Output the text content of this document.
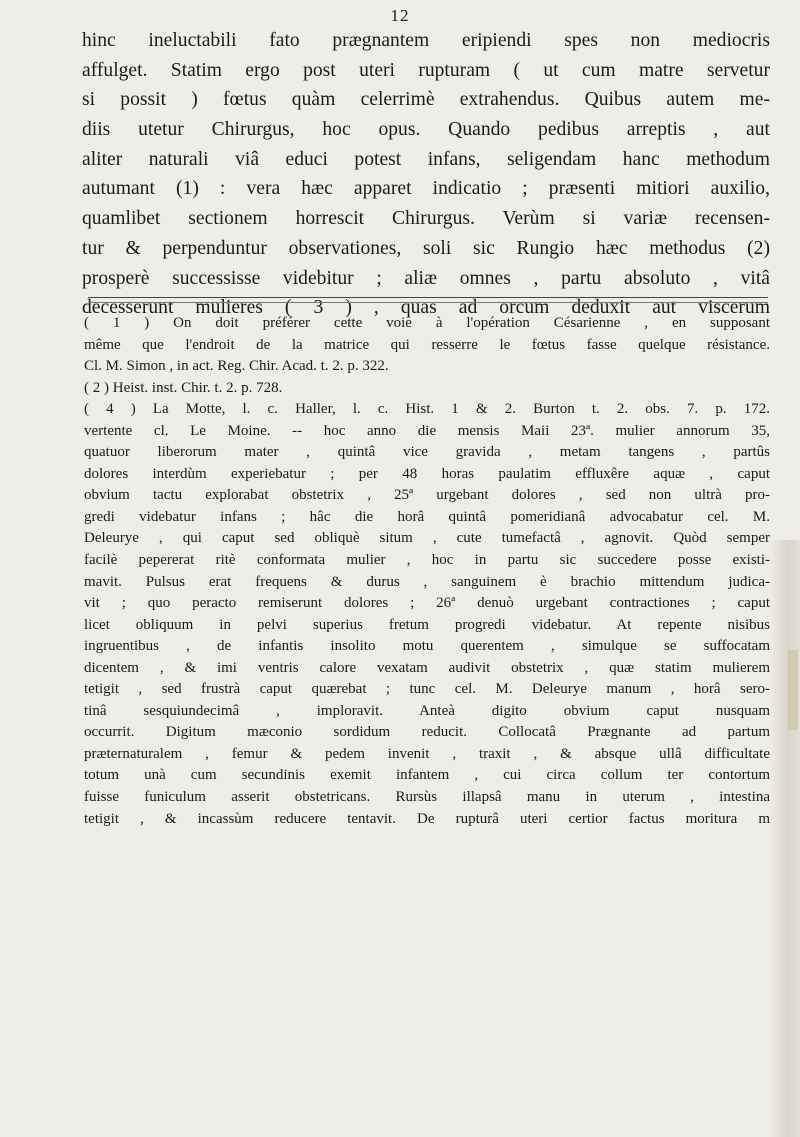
12
hinc ineluctabili fato prægnantem eripiendi spes non mediocris
affulget. Statim ergo post uteri rupturam ( ut cum matre servetur
si possit ) fœtus quàm celerrimè extrahendus. Quibus autem me-
diis utetur Chirurgus, hoc opus. Quando pedibus arreptis , aut
aliter naturali viâ educi potest infans, seligendam hanc methodum
autumant (1) : vera hæc apparet indicatio ; præsenti mitiori auxilio,
quamlibet sectionem horrescit Chirurgus. Verùm si variæ recensen-
tur & perpenduntur observationes, soli sic Rungio hæc methodus (2)
prosperè successisse videbitur ; aliæ omnes , partu absoluto , vitâ
decesserunt mulieres ( 3 ) , quas ad orcum deduxit aut viscerum
( 1 ) On doit préférer cette voie à l'opération Césarienne , en supposant
même que l'endroit de la matrice qui resserre le fœtus fasse quelque résistance.
Cl. M. Simon , in act. Reg. Chir. Acad. t. 2. p. 322.
( 2 ) Heist. inst. Chir. t. 2. p. 728.
( 4 ) La Motte, l. c. Haller, l. c. Hist. 1 & 2. Burton t. 2. obs. 7. p. 172.
vertente cl. Le Moine. -- hoc anno die mensis Maii 23ª. mulier annorum 35,
quatuor liberorum mater , quintâ vice gravida , metam tangens , partûs
dolores interdùm experiebatur ; per 48 horas paulatim effluxêre aquæ , caput
obvium tactu explorabat obstetrix , 25ª urgebant dolores , sed non ultrà pro-
gredi videbatur infans ; hâc die horâ quintâ pomeridianâ advocabatur cel. M.
Deleurye , qui caput sed obliquè situm , cute tumefactâ , agnovit. Quòd semper
facilè pepererat ritè conformata mulier , hoc in partu sic succedere posse existi-
mavit. Pulsus erat frequens & durus , sanguinem è brachio mittendum judica-
vit ; quo peracto remiserunt dolores ; 26ª denuò urgebant contractiones ; caput
licet obliquum in pelvi superius fretum progredi videbatur. At repente nisibus
ingruentibus , de infantis insolito motu querentem , simulque se suffocatam
dicentem , & imi ventris calore vexatam audivit obstetrix , quæ statim mulierem
tetigit , sed frustrà caput quærebat ; tunc cel. M. Deleurye manum , horâ sero-
tinâ sesquiundecimâ , imploravit. Anteà digito obvium caput nusquam
occurrit. Digitum mæconio sordidum reducit. Collocatâ Prægnante ad partum
præternaturalem , femur & pedem invenit , traxit , & absque ullâ difficultate
totum unà cum secundinis exemit infantem , cui circa collum ter contortum
fuisse funiculum asserit obstetricans. Rursùs illapsâ manu in uterum , intestina
tetigit , & incassùm reducere tentavit. De rupturâ uteri certior factus moritura m
